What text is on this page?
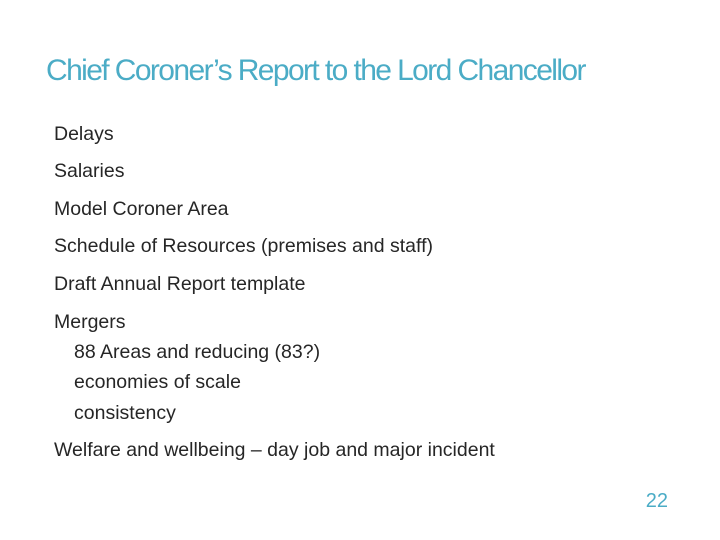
Chief Coroner’s Report to the Lord Chancellor
Delays
Salaries
Model Coroner Area
Schedule of Resources (premises and staff)
Draft Annual Report template
Mergers
88 Areas and reducing (83?)
economies of scale
consistency
Welfare and wellbeing – day job and major incident
22
